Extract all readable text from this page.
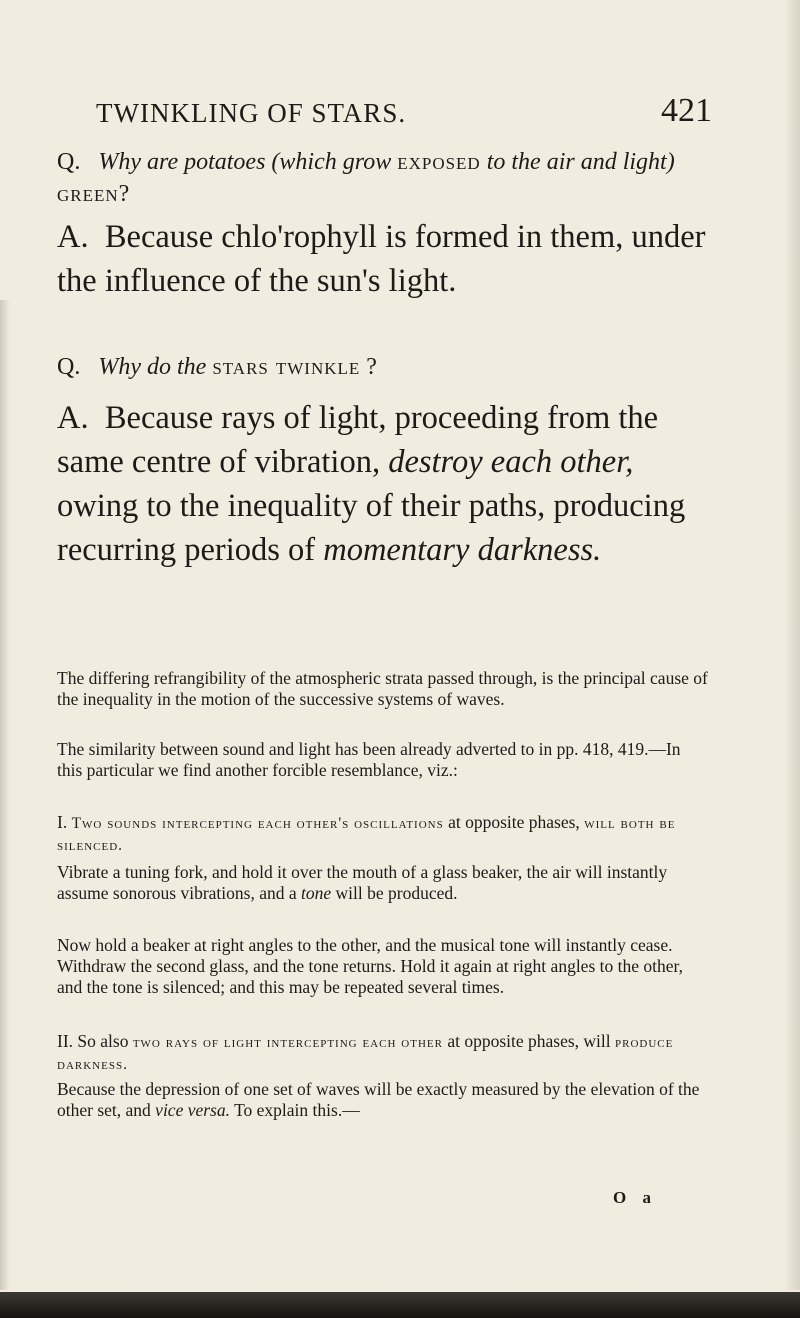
TWINKLING OF STARS.	421
Q. Why are potatoes (which grow exposed to the air and light) green?
A. Because chlo'rophyll is formed in them, under the influence of the sun's light.
Q. Why do the stars twinkle ?
A. Because rays of light, proceeding from the same centre of vibration, destroy each other, owing to the inequality of their paths, producing recurring periods of momentary darkness.

The differing refrangibility of the atmospheric strata passed through, is the principal cause of the inequality in the motion of the successive systems of waves.

The similarity between sound and light has been already adverted to in pp. 418, 419.—In this particular we find another forcible resemblance, viz.:

I. Two sounds intercepting each other's oscillations at opposite phases, will both be silenced.

Vibrate a tuning fork, and hold it over the mouth of a glass beaker, the air will instantly assume sonorous vibrations, and a tone will be produced.

Now hold a beaker at right angles to the other, and the musical tone will instantly cease. Withdraw the second glass, and the tone returns. Hold it again at right angles to the other, and the tone is silenced; and this may be repeated several times.

II. So also two rays of light intercepting each other at opposite phases, will produce darkness.

Because the depression of one set of waves will be exactly measured by the elevation of the other set, and vice versa. To explain this.—

O a
